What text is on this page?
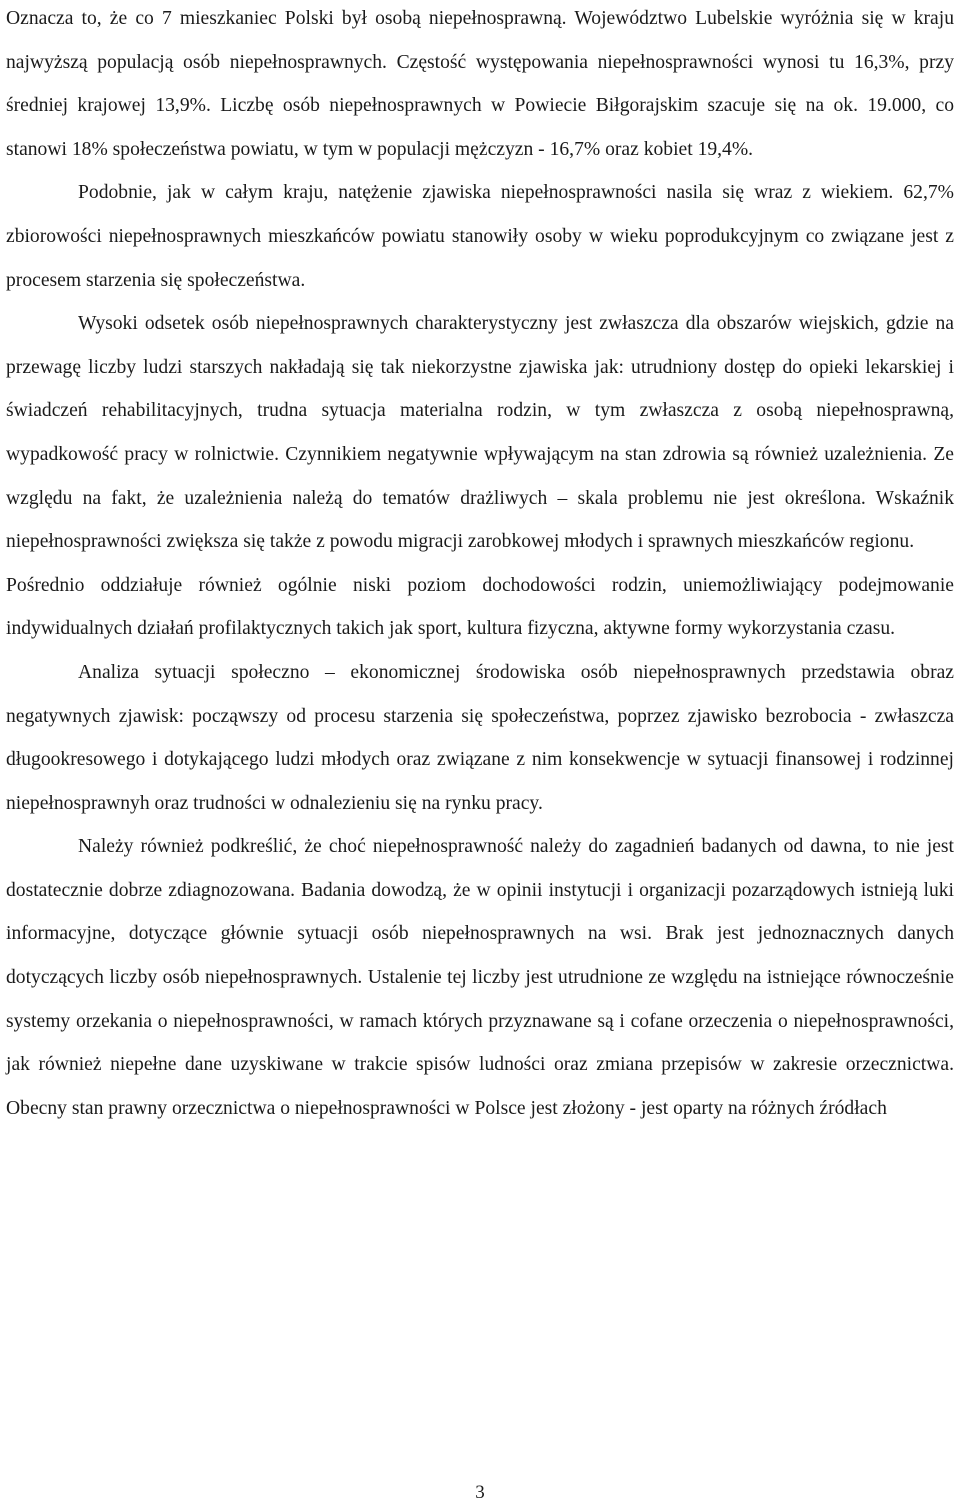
Oznacza to, że co 7 mieszkaniec Polski był osobą niepełnosprawną. Województwo Lubelskie wyróżnia się w kraju najwyższą populacją osób niepełnosprawnych. Częstość występowania niepełnosprawności wynosi tu 16,3%, przy średniej krajowej 13,9%. Liczbę osób niepełnosprawnych w Powiecie Biłgorajskim szacuje się na ok. 19.000, co stanowi 18% społeczeństwa powiatu, w tym w populacji mężczyzn - 16,7% oraz kobiet 19,4%.

Podobnie, jak w całym kraju, natężenie zjawiska niepełnosprawności nasila się wraz z wiekiem. 62,7% zbiorowości niepełnosprawnych mieszkańców powiatu stanowiły osoby w wieku poprodukcyjnym co związane jest z procesem starzenia się społeczeństwa.

Wysoki odsetek osób niepełnosprawnych charakterystyczny jest zwłaszcza dla obszarów wiejskich, gdzie na przewagę liczby ludzi starszych nakładają się tak niekorzystne zjawiska jak: utrudniony dostęp do opieki lekarskiej i świadczeń rehabilitacyjnych, trudna sytuacja materialna rodzin, w tym zwłaszcza z osobą niepełnosprawną, wypadkowość pracy w rolnictwie. Czynnikiem negatywnie wpływającym na stan zdrowia są również uzależnienia. Ze względu na fakt, że uzależnienia należą do tematów drażliwych – skala problemu nie jest określona. Wskaźnik niepełnosprawności zwiększa się także z powodu migracji zarobkowej młodych i sprawnych mieszkańców regionu.

Pośrednio oddziałuje również ogólnie niski poziom dochodowości rodzin, uniemożliwiający podejmowanie indywidualnych działań profilaktycznych takich jak sport, kultura fizyczna, aktywne formy wykorzystania czasu.

Analiza sytuacji społeczno – ekonomicznej środowiska osób niepełnosprawnych przedstawia obraz negatywnych zjawisk: począwszy od procesu starzenia się społeczeństwa, poprzez zjawisko bezrobocia - zwłaszcza długookresowego i dotykającego ludzi młodych oraz związane z nim konsekwencje w sytuacji finansowej i rodzinnej niepełnosprawnyh oraz trudności w odnalezieniu się na rynku pracy.

Należy również podkreślić, że choć niepełnosprawność należy do zagadnień badanych od dawna, to nie jest dostatecznie dobrze zdiagnozowana. Badania dowodzą, że w opinii instytucji i organizacji pozarządowych istnieją luki informacyjne, dotyczące głównie sytuacji osób niepełnosprawnych na wsi. Brak jest jednoznacznych danych dotyczących liczby osób niepełnosprawnych. Ustalenie tej liczby jest utrudnione ze względu na istniejące równocześnie systemy orzekania o niepełnosprawności, w ramach których przyznawane są i cofane orzeczenia o niepełnosprawności, jak również niepełne dane uzyskiwane w trakcie spisów ludności oraz zmiana przepisów w zakresie orzecznictwa. Obecny stan prawny orzecznictwa o niepełnosprawności w Polsce jest złożony - jest oparty na różnych źródłach

3
